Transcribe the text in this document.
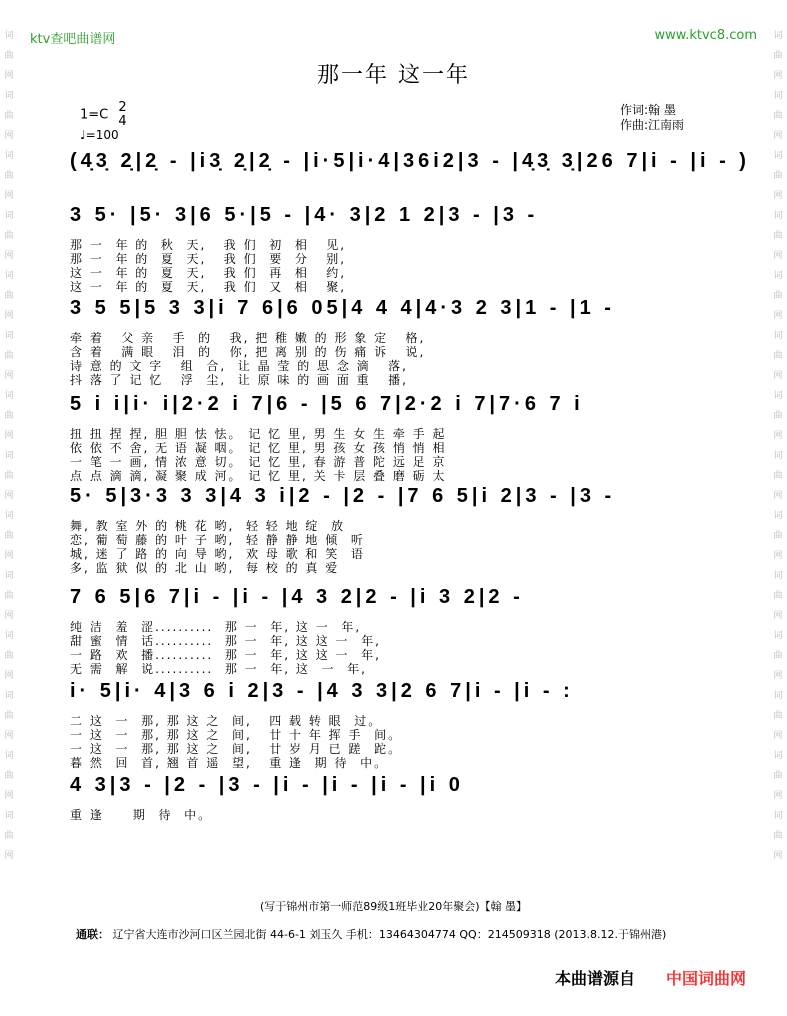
词
曲
网
词
曲
网
词
曲
网
词
曲
网
词
曲
网
词
曲
网
词
曲
网
词
曲
网
词
曲
网
词
曲
网
词
曲
网
词
曲
网
词
曲
网
词
曲
网
词
曲
网
词
曲
网
词
曲
网
词
曲
网
词
曲
网
词
曲
网
词
曲
网
词
曲
网
词
曲
网
词
曲
网
词
曲
网
词
曲
网
词
曲
网
词
曲
网
ktv查吧曲谱网	www.ktvc8.com
那一年 这一年
1=C 2
4
♩=100
作词:翰 墨
作曲:江南雨
(4̣3̣ 2̣|2̣ - |i3̣ 2̣|2̣ - |i·5|i·4|36i2|3 - |4̣3̣ 3̣|26 7|i - |i - )
3 5· |5· 3|6 5·|5 - |4· 3|2 1 2|3 - |3 -
那 一  年 的  秋  天,   我 们  初  相   见,
那 一  年 的  夏  天,   我 们  要  分   别,
这 一  年 的  夏  天,   我 们  再  相   约,
这 一  年 的  夏  天,   我 们  又  相   聚,
3 5 5|5 3 3|i 7 6|6 05|4 4 4|4·3 2 3|1 - |1 -
牵 着   父 亲   手  的   我, 把 稚 嫩 的 形 象 定   格,
含 着   满 眼   泪  的   你, 把 离 别 的 伤 痛 诉   说,
诗 意 的 文 字   组  合,  让 晶 莹 的 思 念 滴   落,
抖 落 了 记 忆   浮  尘,  让 原 味 的 画 面 重   播,
5 i i|i· i|2·2 i 7|6 - |5 6 7|2·2 i 7|7·6 7 i
扭 扭 捏 捏, 胆 胆 怯 怯。 记 忆 里, 男 生 女 生 牵 手 起
依 依 不 舍, 无 语 凝 咽。 记 忆 里, 男 孩 女 孩 悄 悄 相
一 笔 一 画, 情 浓 意 切。 记 忆 里, 春 游 普 陀 远 足 京
点 点 滴 滴, 凝 聚 成 河。 记 忆 里, 关 卡 层 叠 磨 砺 太
5· 5|3·3 3 3|4 3 i|2 - |2 - |7 6 5|i 2|3 - |3 -
舞, 教 室 外 的 桃 花 哟,  轻 轻 地 绽  放
恋, 葡 萄 藤 的 叶 子 哟,  轻 静 静 地 倾  听
城, 迷 了 路 的 向 导 哟,  欢 母 歌 和 笑  语
多, 监 狱 似 的 北 山 哟,  每 校 的 真 爱
7 6 5|6 7|i - |i - |4 3 2|2 - |i 3 2|2 -
纯 洁  羞  涩..........  那 一  年, 这 一  年,
甜 蜜  情  话..........  那 一  年, 这 这 一  年,
一 路  欢  播..........  那 一  年, 这 这 一  年,
无 需  解  说..........  那 一  年, 这  一  年,
i· 5|i· 4|3 6 i 2|3 - |4 3 3|2 6 7|i - |i - :
二 这  一  那, 那 这 之  间,   四 载 转 眼  过。
一 这  一  那, 那 这 之  间,   廿 十 年 挥 手  间。
一 这  一  那, 那 这 之  间,   廿 岁 月 已 蹉  跎。
暮 然  回  首, 翘 首 遥  望,   重 逢  期 待  中。
4 3|3 - |2 - |3 - |i - |i - |i - |i 0
重 逢     期  待  中。
(写于锦州市第一师范89级1班毕业20年聚会)【翰 墨】
通联： 辽宁省大连市沙河口区兰园北街 44-6-1 刘玉久 手机：13464304774 QQ：214509318 (2013.8.12.于锦州港)
本曲谱源自 中国词曲网
